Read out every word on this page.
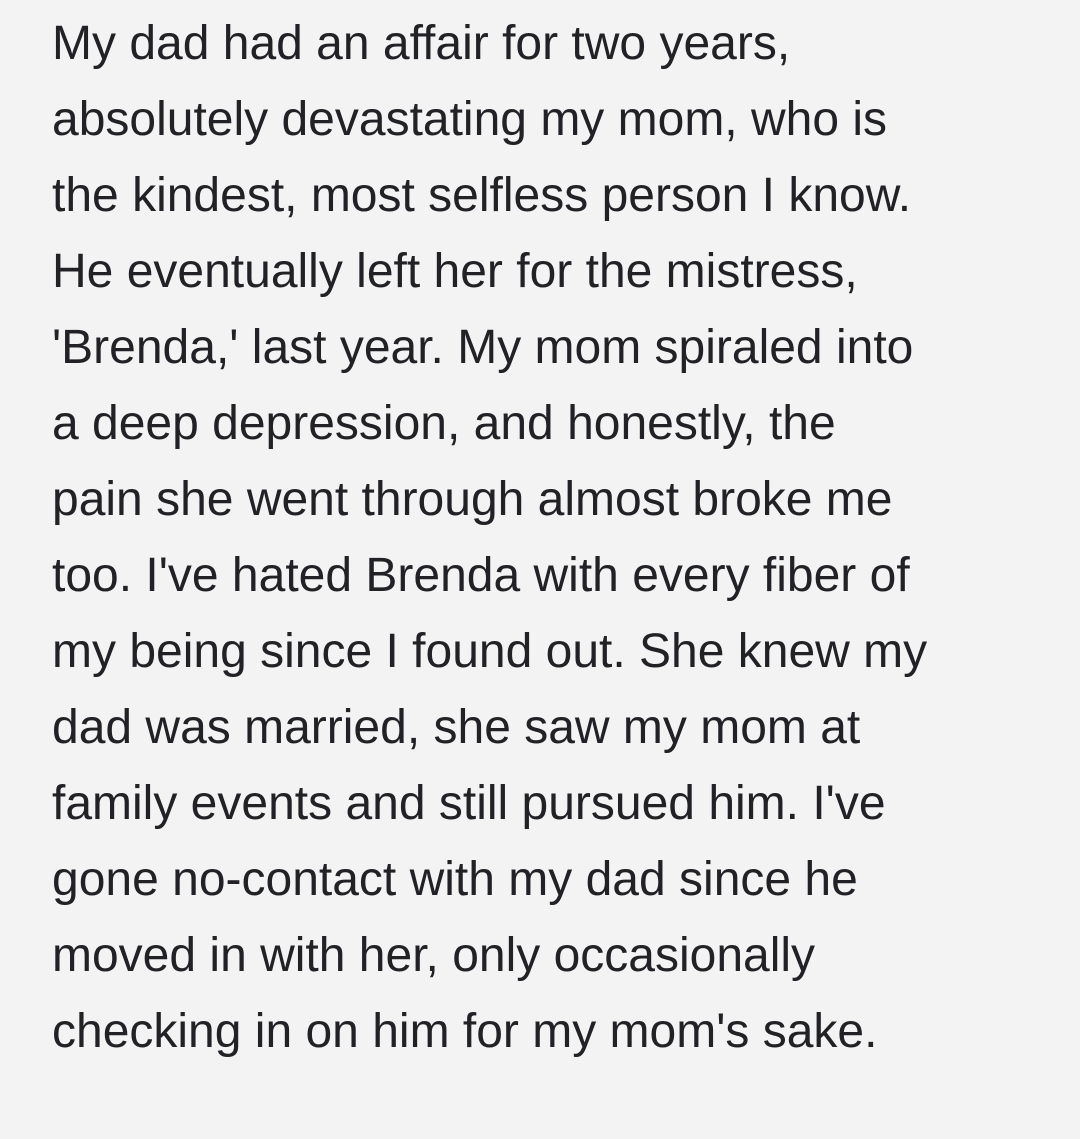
My dad had an affair for two years,
absolutely devastating my mom, who is
the kindest, most selfless person I know.
He eventually left her for the mistress,
'Brenda,' last year. My mom spiraled into
a deep depression, and honestly, the
pain she went through almost broke me
too. I've hated Brenda with every fiber of
my being since I found out. She knew my
dad was married, she saw my mom at
family events and still pursued him. I've
gone no-contact with my dad since he
moved in with her, only occasionally
checking in on him for my mom's sake.
